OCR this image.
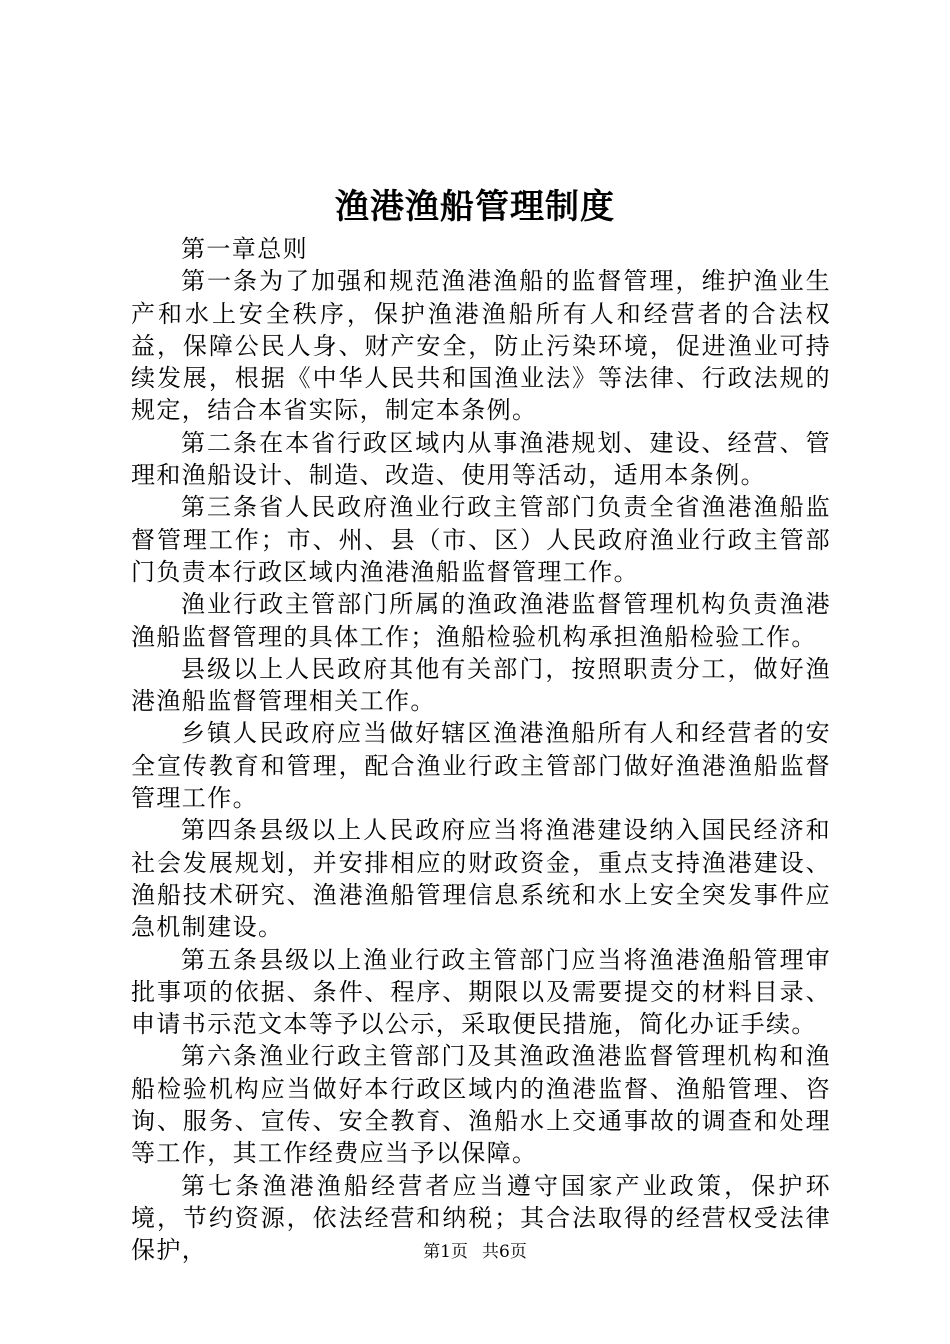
渔港渔船管理制度

第一章总则

第一条为了加强和规范渔港渔船的监督管理，维护渔业生产和水上安全秩序，保护渔港渔船所有人和经营者的合法权益，保障公民人身、财产安全，防止污染环境，促进渔业可持续发展，根据《中华人民共和国渔业法》等法律、行政法规的规定，结合本省实际，制定本条例。

第二条在本省行政区域内从事渔港规划、建设、经营、管理和渔船设计、制造、改造、使用等活动，适用本条例。

第三条省人民政府渔业行政主管部门负责全省渔港渔船监督管理工作；市、州、县（市、区）人民政府渔业行政主管部门负责本行政区域内渔港渔船监督管理工作。

渔业行政主管部门所属的渔政渔港监督管理机构负责渔港渔船监督管理的具体工作；渔船检验机构承担渔船检验工作。

县级以上人民政府其他有关部门，按照职责分工，做好渔港渔船监督管理相关工作。

乡镇人民政府应当做好辖区渔港渔船所有人和经营者的安全宣传教育和管理，配合渔业行政主管部门做好渔港渔船监督管理工作。

第四条县级以上人民政府应当将渔港建设纳入国民经济和社会发展规划，并安排相应的财政资金，重点支持渔港建设、渔船技术研究、渔港渔船管理信息系统和水上安全突发事件应急机制建设。

第五条县级以上渔业行政主管部门应当将渔港渔船管理审批事项的依据、条件、程序、期限以及需要提交的材料目录、申请书示范文本等予以公示，采取便民措施，简化办证手续。

第六条渔业行政主管部门及其渔政渔港监督管理机构和渔船检验机构应当做好本行政区域内的渔港监督、渔船管理、咨询、服务、宣传、安全教育、渔船水上交通事故的调查和处理等工作，其工作经费应当予以保障。

第七条渔港渔船经营者应当遵守国家产业政策，保护环境，节约资源，依法经营和纳税；其合法取得的经营权受法律保护，	第1页 共6页
